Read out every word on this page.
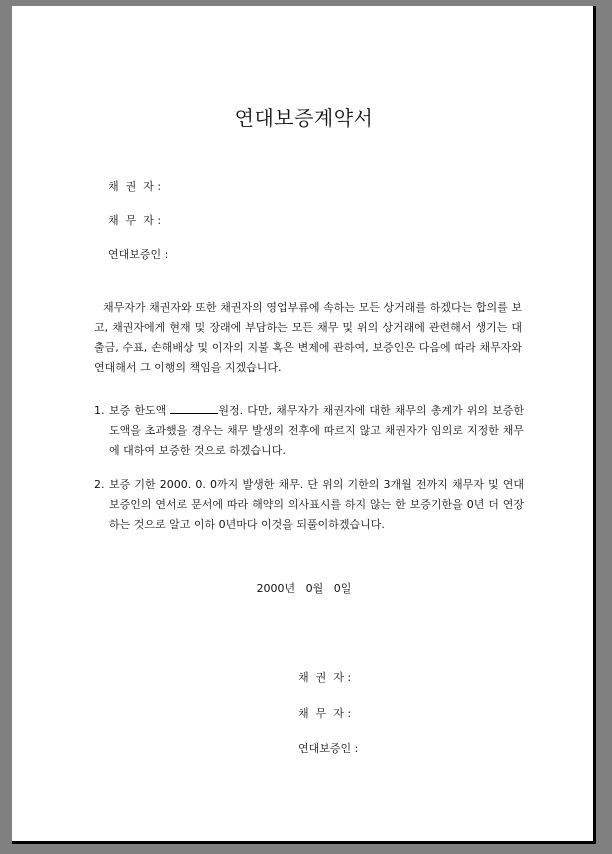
연대보증계약서
채  권  자 :
채  무  자 :
연대보증인 :
채무자가 채권자와 또한 채권자의 영업부류에 속하는 모든 상거래를 하겠다는 합의를 보고, 채권자에게 현재 및 장래에 부담하는 모든 채무 및 위의 상거래에 관련해서 생기는 대출금, 수표, 손해배상 및 이자의 지불 혹은 변제에 관하여, 보증인은 다음에 따라 채무자와 연대해서 그 이행의 책임을 지겠습니다.
1. 보증 한도액	원정. 다만, 채무자가 채권자에 대한 채무의 총계가 위의 보증한도액을 초과했을 경우는 채무 발생의 전후에 따르지 않고 채권자가 임의로 지정한 채무에 대하여 보증한 것으로 하겠습니다.
2. 보증 기한 2000. 0. 0까지 발생한 채무. 단 위의 기한의 3개월 전까지 채무자 및 연대보증인의 연서로 문서에 따라 해약의 의사표시를 하지 않는 한 보증기한을 0년 더 연장하는 것으로 알고 이하 0년마다 이것을 되풀이하겠습니다.
2000년   0월   0일
채  권  자 :
채  무  자 :
연대보증인 :
